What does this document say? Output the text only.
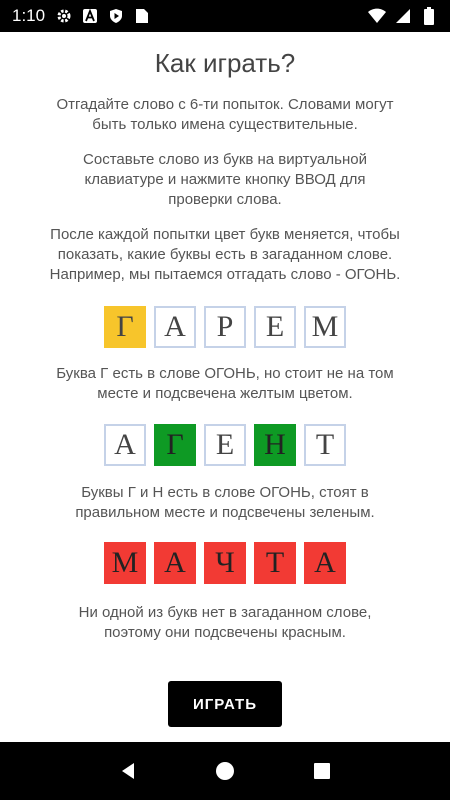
1:10
Как играть?
Отгадайте слово с 6-ти попыток. Словами могут быть только имена существительные.
Составьте слово из букв на виртуальной клавиатуре и нажмите кнопку ВВОД для проверки слова.
После каждой попытки цвет букв меняется, чтобы показать, какие буквы есть в загаданном слове. Например, мы пытаемся отгадать слово - ОГОНЬ.
Г	А	Р	Е М
Буква Г есть в слове ОГОНЬ, но стоит не на том месте и подсвечена желтым цветом.
А	Г	Е	Н	Т
Буквы Г и Н есть в слове ОГОНЬ, стоят в правильном месте и подсвечены зеленым.
М А Ч	Т	А
Ни одной из букв нет в загаданном слове, поэтому они подсвечены красным.
ИГРАТЬ
